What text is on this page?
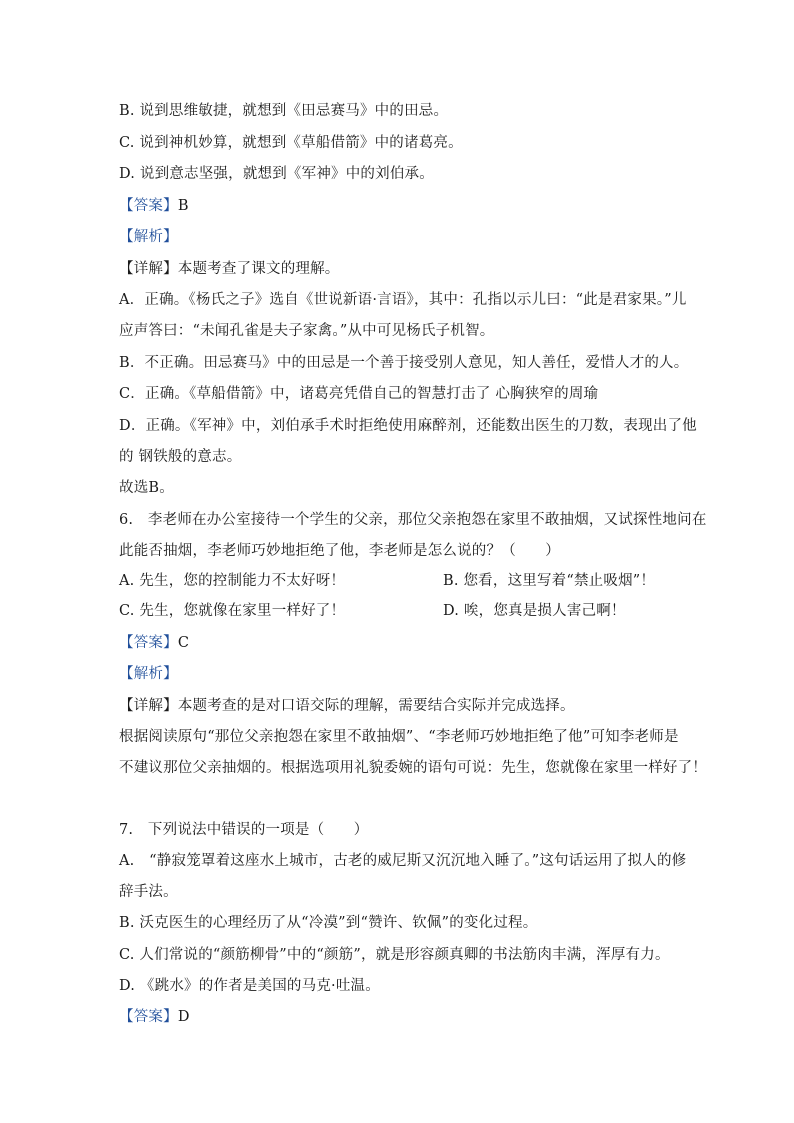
B. 说到思维敏捷，就想到《田忌赛马》中的田忌。
C. 说到神机妙算，就想到《草船借箭》中的诸葛亮。
D. 说到意志坚强，就想到《军神》中的刘伯承。
【答案】B
【解析】
【详解】本题考查了课文的理解。
A．正确。《杨氏之子》选自《世说新语·言语》，其中：孔指以示儿曰：“此是君家果。”儿
应声答曰：“未闻孔雀是夫子家禽。”从中可见杨氏子机智。
B．不正确。田忌赛马》中的田忌是一个善于接受别人意见，知人善任，爱惜人才的人。
C．正确。《草船借箭》中，诸葛亮凭借自己的智慧打击了 心胸狭窄的周瑜
D．正确。《军神》中，刘伯承手术时拒绝使用麻醉剂，还能数出医生的刀数，表现出了他
的 钢铁般的意志。
故选B。
6.　李老师在办公室接待一个学生的父亲，那位父亲抱怨在家里不敢抽烟，又试探性地问在
此能否抽烟，李老师巧妙地拒绝了他，李老师是怎么说的？（　　）
A. 先生，您的控制能力不太好呀！	B. 您看，这里写着“禁止吸烟”！
C. 先生，您就像在家里一样好了！	D. 唉，您真是损人害己啊！
【答案】C
【解析】
【详解】本题考查的是对口语交际的理解，需要结合实际并完成选择。
根据阅读原句“那位父亲抱怨在家里不敢抽烟”、“李老师巧妙地拒绝了他”可知李老师是
不建议那位父亲抽烟的。根据选项用礼貌委婉的语句可说：先生，您就像在家里一样好了！
7.　下列说法中错误的一项是（　　）
A.　“静寂笼罩着这座水上城市，古老的威尼斯又沉沉地入睡了。”这句话运用了拟人的修
辞手法。
B. 沃克医生的心理经历了从“冷漠”到“赞许、钦佩”的变化过程。
C. 人们常说的“颜筋柳骨”中的“颜筋”，就是形容颜真卿的书法筋肉丰满，浑厚有力。
D. 《跳水》的作者是美国的马克·吐温。
【答案】D
